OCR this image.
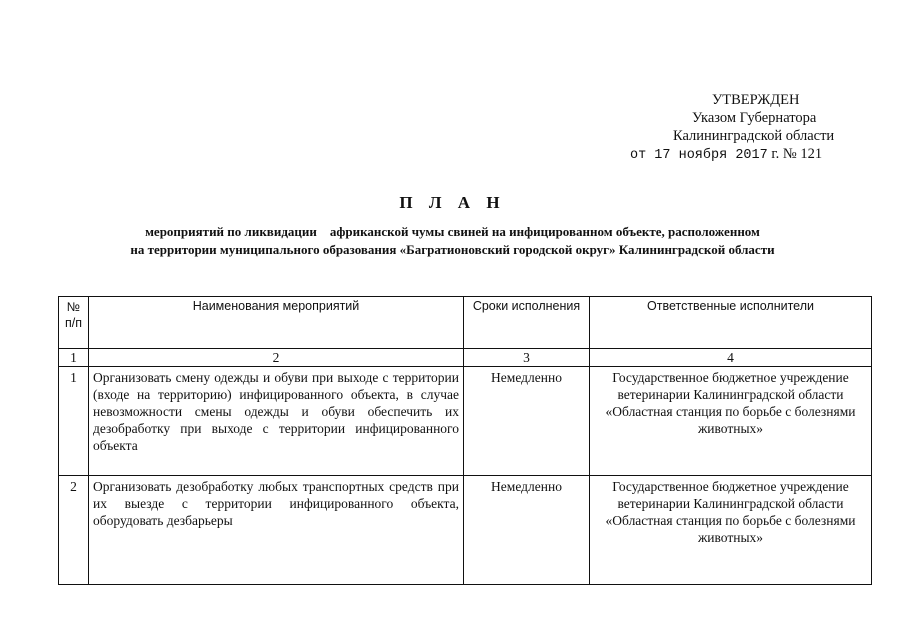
УТВЕРЖДЕН
Указом Губернатора
Калининградской области
от 17 ноября 2017 г. № 121
П Л А Н
мероприятий по ликвидации    африканской чумы свиней на инфицированном объекте, расположенном
на территории муниципального образования «Багратионовский городской округ» Калининградской области
№ п/п	Наименования мероприятий	Сроки исполнения	Ответственные исполнители
1	2	3	4
1	Организовать смену одежды и обуви при выходе с территории (входе на территорию) инфицированного объекта, в случае невозможности смены одежды и обуви обеспечить их дезобработку при выходе с территории инфицированного объекта	Немедленно	Государственное бюджетное учреждение ветеринарии Калининградской области «Областная станция по борьбе с болезнями животных»
2	Организовать дезобработку любых транспортных средств при их выезде с территории инфицированного объекта, оборудовать дезбарьеры	Немедленно	Государственное бюджетное учреждение ветеринарии Калининградской области «Областная станция по борьбе с болезнями животных»
